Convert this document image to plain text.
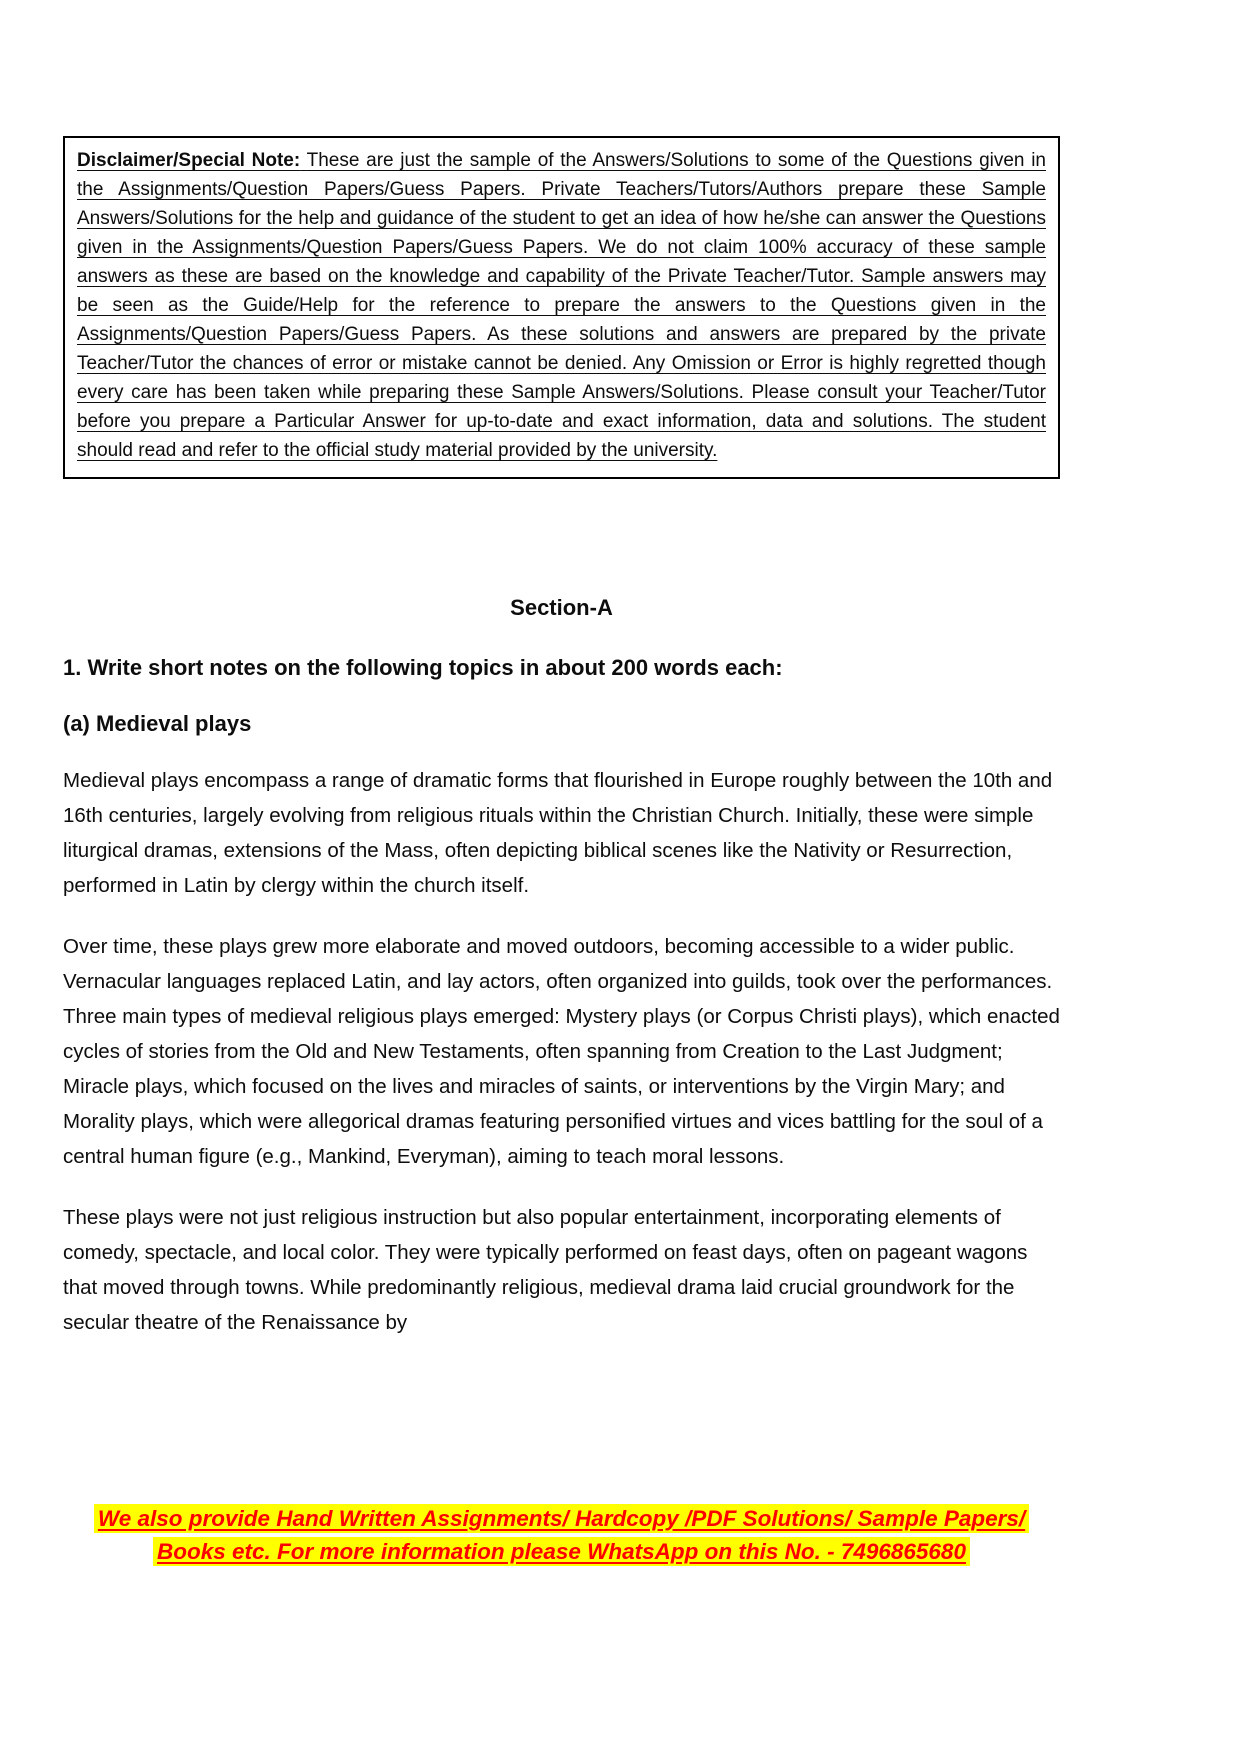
Disclaimer/Special Note: These are just the sample of the Answers/Solutions to some of the Questions given in the Assignments/Question Papers/Guess Papers. Private Teachers/Tutors/Authors prepare these Sample Answers/Solutions for the help and guidance of the student to get an idea of how he/she can answer the Questions given in the Assignments/Question Papers/Guess Papers. We do not claim 100% accuracy of these sample answers as these are based on the knowledge and capability of the Private Teacher/Tutor. Sample answers may be seen as the Guide/Help for the reference to prepare the answers to the Questions given in the Assignments/Question Papers/Guess Papers. As these solutions and answers are prepared by the private Teacher/Tutor the chances of error or mistake cannot be denied. Any Omission or Error is highly regretted though every care has been taken while preparing these Sample Answers/Solutions. Please consult your Teacher/Tutor before you prepare a Particular Answer for up-to-date and exact information, data and solutions. The student should read and refer to the official study material provided by the university.

Section-A

1. Write short notes on the following topics in about 200 words each:

(a) Medieval plays

Medieval plays encompass a range of dramatic forms that flourished in Europe roughly between the 10th and 16th centuries, largely evolving from religious rituals within the Christian Church. Initially, these were simple liturgical dramas, extensions of the Mass, often depicting biblical scenes like the Nativity or Resurrection, performed in Latin by clergy within the church itself.

Over time, these plays grew more elaborate and moved outdoors, becoming accessible to a wider public. Vernacular languages replaced Latin, and lay actors, often organized into guilds, took over the performances. Three main types of medieval religious plays emerged: Mystery plays (or Corpus Christi plays), which enacted cycles of stories from the Old and New Testaments, often spanning from Creation to the Last Judgment; Miracle plays, which focused on the lives and miracles of saints, or interventions by the Virgin Mary; and Morality plays, which were allegorical dramas featuring personified virtues and vices battling for the soul of a central human figure (e.g., Mankind, Everyman), aiming to teach moral lessons.

These plays were not just religious instruction but also popular entertainment, incorporating elements of comedy, spectacle, and local color. They were typically performed on feast days, often on pageant wagons that moved through towns. While predominantly religious, medieval drama laid crucial groundwork for the secular theatre of the Renaissance by

We also provide Hand Written Assignments/ Hardcopy /PDF Solutions/ Sample Papers/ Books etc. For more information please WhatsApp on this No. - 7496865680
